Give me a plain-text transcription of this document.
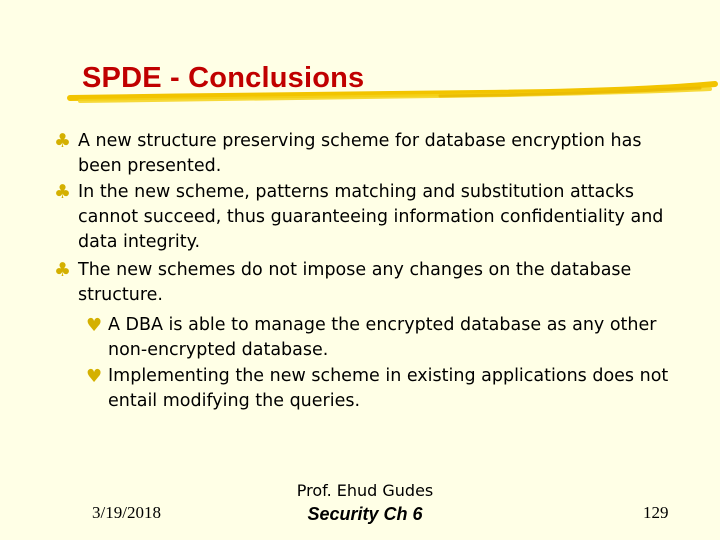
SPDE - Conclusions
♣ A new structure preserving scheme for database encryption has been presented.
♣ In the new scheme, patterns matching and substitution attacks cannot succeed, thus guaranteeing information confidentiality and data integrity.
♣ The new schemes do not impose any changes on the database structure.
♥ A DBA is able to manage the encrypted database as any other non-encrypted database.
♥ Implementing the new scheme in existing applications does not entail modifying the queries.
3/19/2018
Prof. Ehud Gudes
Security Ch 6	129
